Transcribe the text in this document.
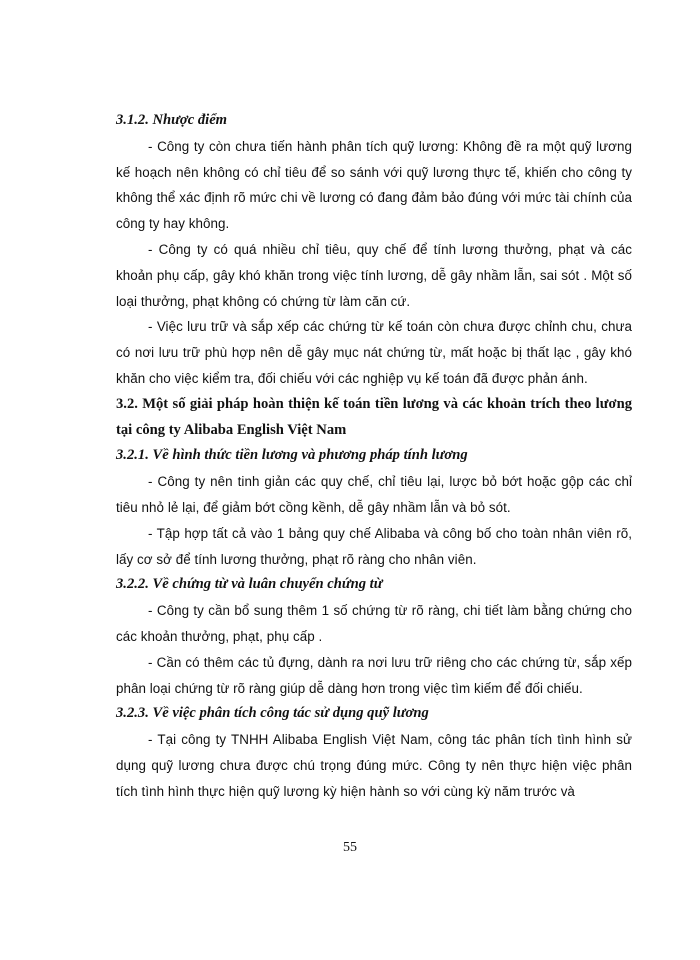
3.1.2. Nhược điểm

- Công ty còn chưa tiến hành phân tích quỹ lương: Không đề ra một quỹ lương kế hoạch nên không có chỉ tiêu để so sánh với quỹ lương thực tế, khiến cho công ty không thể xác định rõ mức chi về lương có đang đảm bảo đúng với mức tài chính của công ty hay không.

- Công ty có quá nhiều chỉ tiêu, quy chế để tính lương thưởng, phạt và các khoản phụ cấp, gây khó khăn trong việc tính lương, dễ gây nhầm lẫn, sai sót . Một số loại thưởng, phạt không có chứng từ làm căn cứ.

- Việc lưu trữ và sắp xếp các chứng từ kế toán còn chưa được chỉnh chu, chưa có nơi lưu trữ phù hợp nên dễ gây mục nát chứng từ, mất hoặc bị thất lạc , gây khó khăn cho việc kiểm tra, đối chiếu với các nghiệp vụ kế toán đã được phản ánh.

3.2. Một số giải pháp hoàn thiện kế toán tiền lương và các khoản trích theo lương tại công ty Alibaba English Việt Nam
3.2.1. Về hình thức tiền lương và phương pháp tính lương

- Công ty nên tinh giản các quy chế, chỉ tiêu lại, lược bỏ bớt hoặc gộp các chỉ tiêu nhỏ lẻ lại, để giảm bớt cồng kềnh, dễ gây nhầm lẫn và bỏ sót.

- Tập hợp tất cả vào 1 bảng quy chế Alibaba và công bố cho toàn nhân viên rõ, lấy cơ sở để tính lương thưởng, phạt rõ ràng cho nhân viên.

3.2.2. Về chứng từ và luân chuyển chứng từ

- Công ty cần bổ sung thêm 1 số chứng từ rõ ràng, chi tiết làm bằng chứng cho các khoản thưởng, phạt, phụ cấp .

- Cần có thêm các tủ đựng, dành ra nơi lưu trữ riêng cho các chứng từ, sắp xếp phân loại chứng từ rõ ràng giúp dễ dàng hơn trong việc tìm kiếm để đối chiếu.

3.2.3. Về việc phân tích công tác sử dụng quỹ lương

- Tại công ty TNHH Alibaba English Việt Nam, công tác phân tích tình hình sử dụng quỹ lương chưa được chú trọng đúng mức. Công ty nên thực hiện việc phân tích tình hình thực hiện quỹ lương kỳ hiện hành so với cùng kỳ năm trước và

55
